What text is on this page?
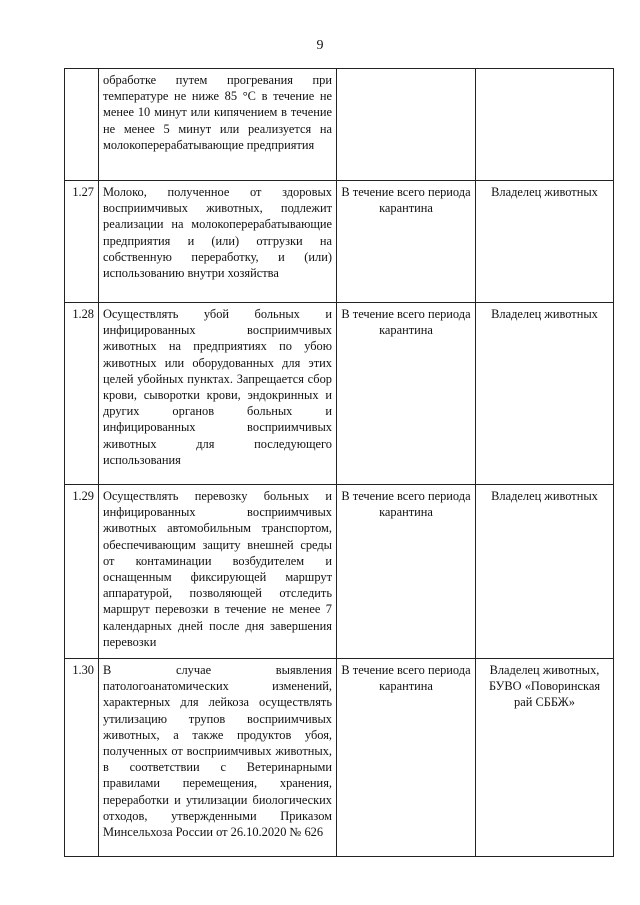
9
	обработке путем прогревания при температуре не ниже 85 °С в течение не менее 10 минут или кипячением в течение не менее 5 минут или реализуется на молокоперерабатывающие предприятия		
1.27	Молоко, полученное от здоровых восприимчивых животных, подлежит реализации на молокоперерабатывающие предприятия и (или) отгрузки на собственную переработку, и (или) использованию внутри хозяйства	В течение всего периода карантина	Владелец животных
1.28	Осуществлять убой больных и инфицированных восприимчивых животных на предприятиях по убою животных или оборудованных для этих целей убойных пунктах. Запрещается сбор крови, сыворотки крови, эндокринных и других органов больных и инфицированных восприимчивых животных для последующего использования	В течение всего периода карантина	Владелец животных
1.29	Осуществлять перевозку больных и инфицированных восприимчивых животных автомобильным транспортом, обеспечивающим защиту внешней среды от контаминации возбудителем и оснащенным фиксирующей маршрут аппаратурой, позволяющей отследить маршрут перевозки в течение не менее 7 календарных дней после дня завершения перевозки	В течение всего периода карантина	Владелец животных
1.30	В случае выявления патологоанатомических изменений, характерных для лейкоза осуществлять утилизацию трупов восприимчивых животных, а также продуктов убоя, полученных от восприимчивых животных, в соответствии с Ветеринарными правилами перемещения, хранения, переработки и утилизации биологических отходов, утвержденными Приказом Минсельхоза России от 26.10.2020 № 626	В течение всего периода карантина	Владелец животных, БУВО «Поворинская рай СББЖ»
